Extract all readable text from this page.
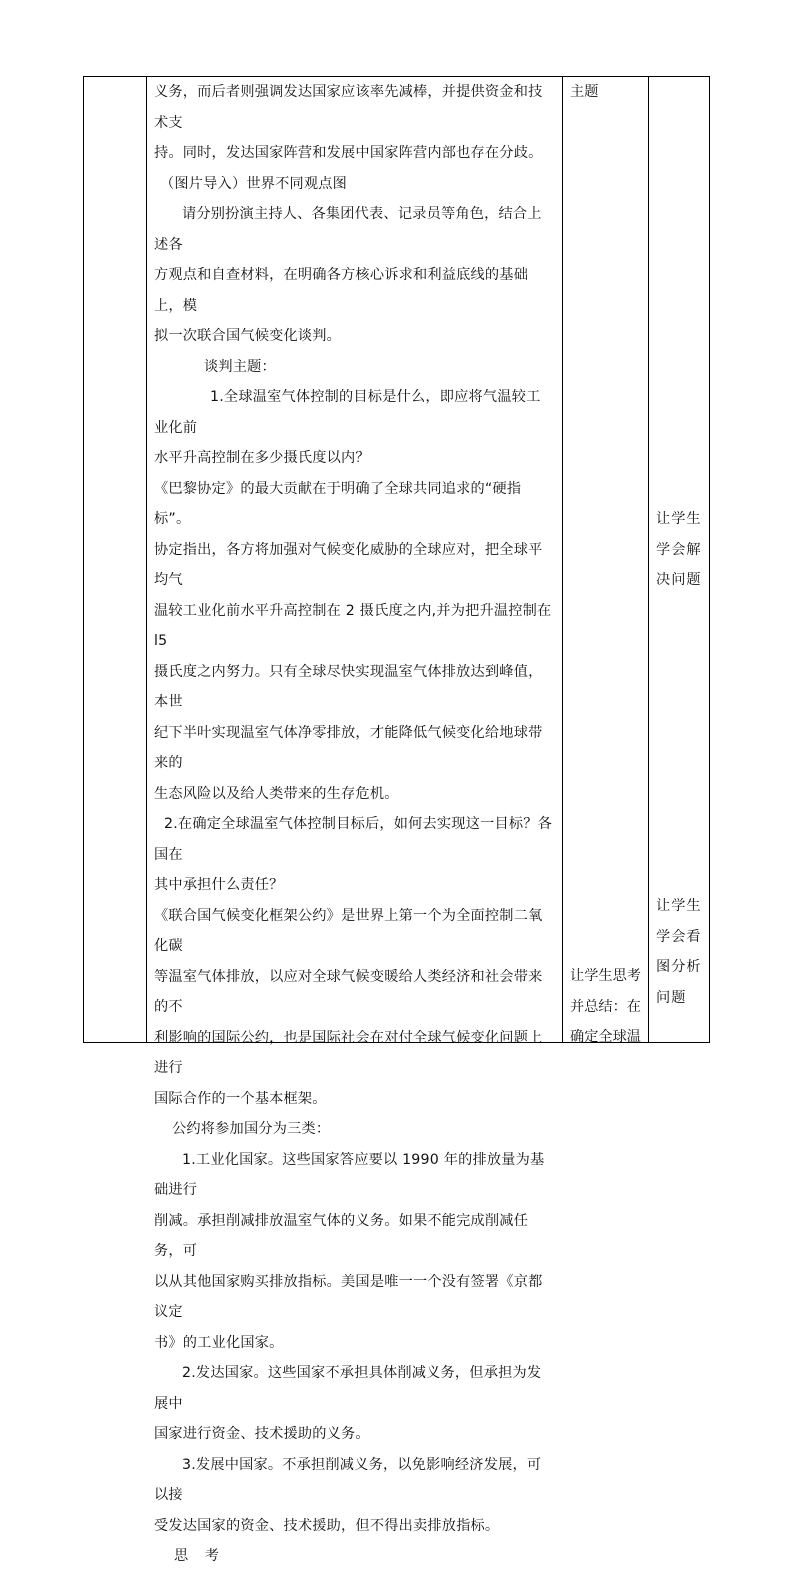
义务，而后者则强调发达国家应该率先减棒，并提供资金和技术支

持。同时，发达国家阵营和发展中国家阵营内部也存在分歧。

（图片导入）世界不同观点图

请分别扮演主持人、各集团代表、记录员等角色，结合上述各

方观点和自查材料，在明确各方核心诉求和利益底线的基础上，模

拟一次联合国气候变化谈判。

谈判主题：

1.全球温室气体控制的目标是什么，即应将气温较工业化前

水平升高控制在多少摄氏度以内？

《巴黎协定》的最大贡献在于明确了全球共同追求的“硬指标”。

协定指出，各方将加强对气候变化威胁的全球应对，把全球平均气

温较工业化前水平升高控制在 2 摄氏度之内,并为把升温控制在 l5

摄氏度之内努力。只有全球尽快实现温室气体排放达到峰值，本世

纪下半叶实现温室气体净零排放，才能降低气候变化给地球带来的

生态风险以及给人类带来的生存危机。

2.在确定全球温室气体控制目标后，如何去实现这一目标？各国在

其中承担什么责任？

《联合国气候变化框架公约》是世界上第一个为全面控制二氧化碳

等温室气体排放，以应对全球气候变暖给人类经济和社会带来的不

利影响的国际公约，也是国际社会在对付全球气候变化问题上进行

国际合作的一个基本框架。

公约将参加国分为三类：

1.工业化国家。这些国家答应要以 1990 年的排放量为基础进行

削减。承担削减排放温室气体的义务。如果不能完成削减任务，可

以从其他国家购买排放指标。美国是唯一一个没有签署《京都议定

书》的工业化国家。

2.发达国家。这些国家不承担具体削减义务，但承担为发展中

国家进行资金、技术援助的义务。

3.发展中国家。不承担削减义务，以免影响经济发展，可以接

受发达国家的资金、技术援助，但不得出卖排放指标。

思 考

主题

让学生思考

并总结：在

确定全球温

让学生

学会解

决问题

让学生

学会看

图分析

问题
